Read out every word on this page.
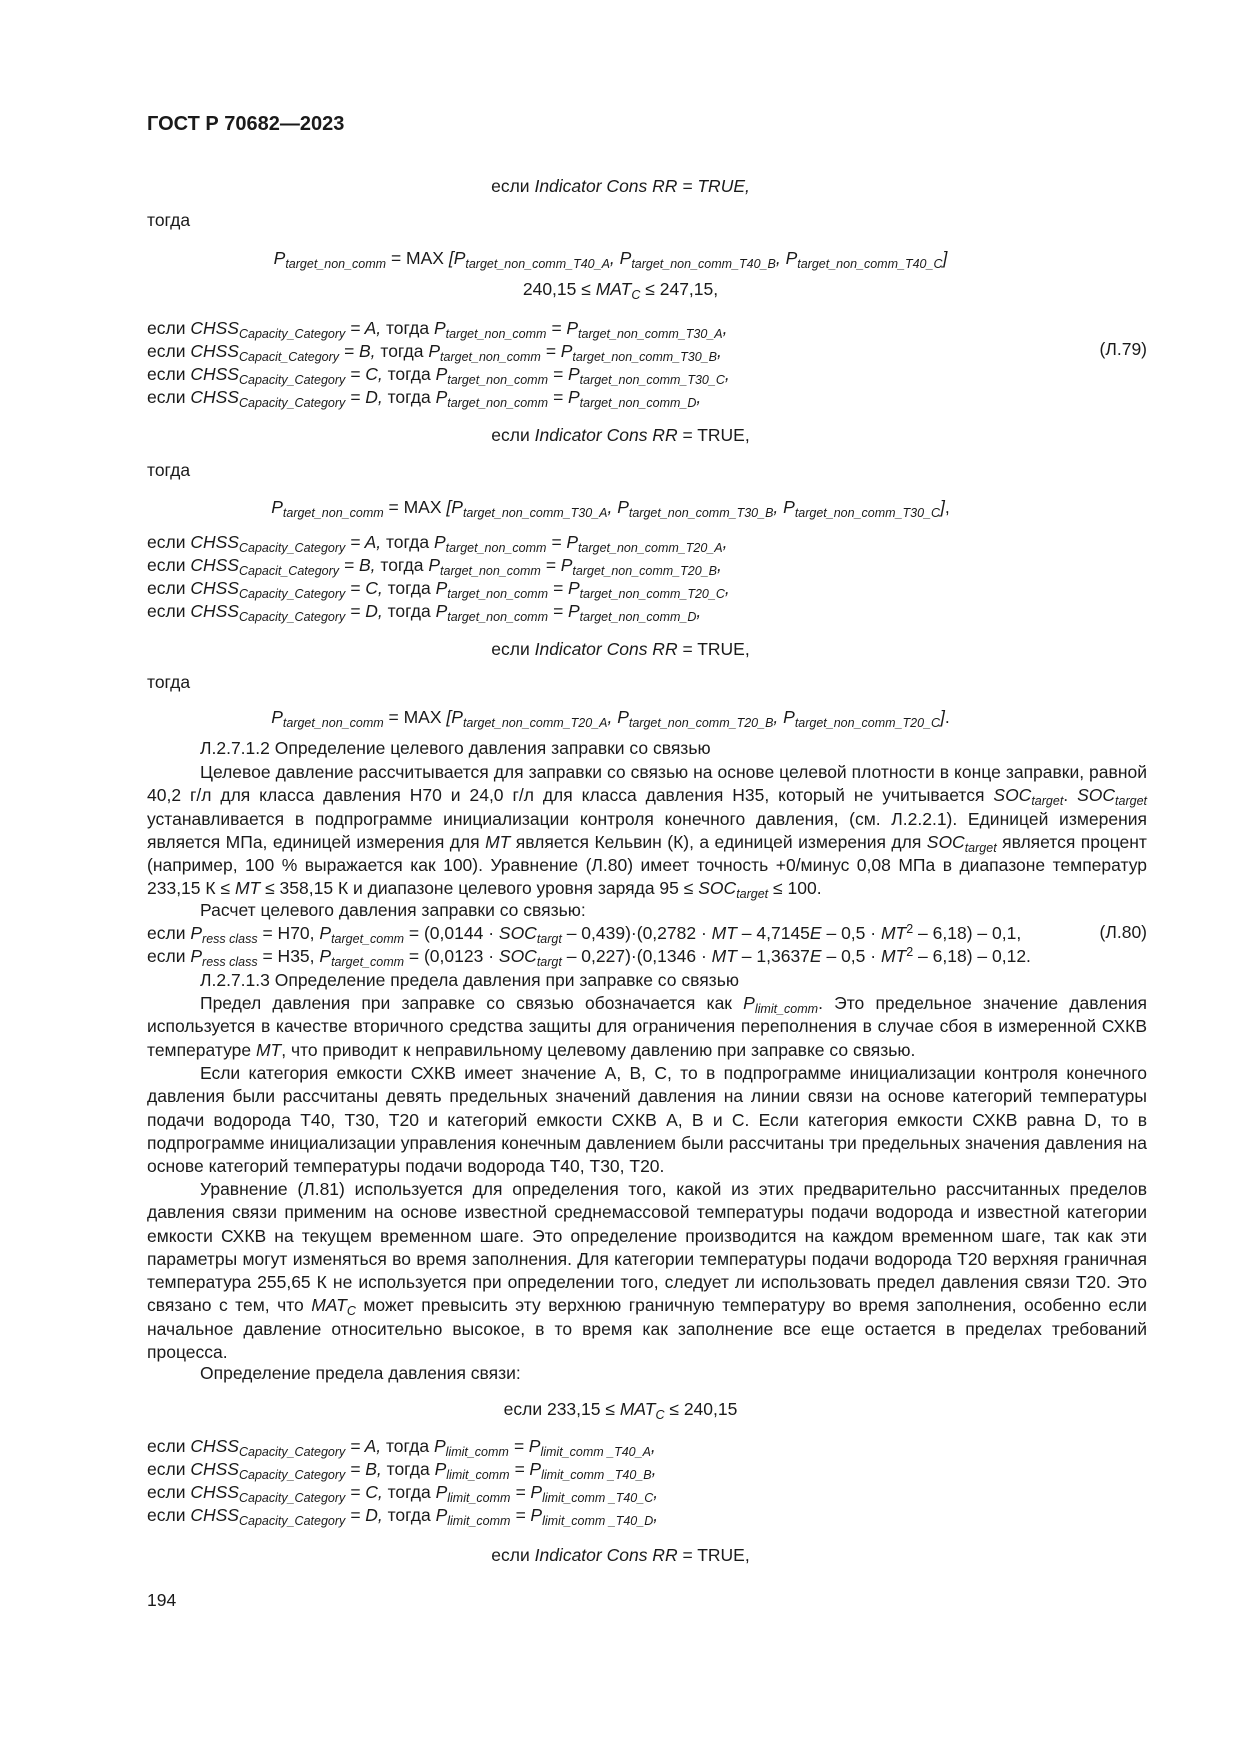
ГОСТ Р 70682—2023
если Indicator Cons RR = TRUE,
тогда
$P_{target\_non\_comm}$ = MAX [$P_{target\_non\_comm\_T40\_A}$, $P_{target\_non\_comm\_T40\_B}$, $P_{target\_non\_comm\_T40\_C}$]
$240,15 \le MAT_C \le 247,15$,
если $CHSS_{Capacity\_Category} = A$, тогда $P_{target\_non\_comm} = P_{target\_non\_comm\_T30\_A}$,
если $CHSS_{Capacit\_Category} = B$, тогда $P_{target\_non\_comm} = P_{target\_non\_comm\_T30\_B}$,	(Л.79)
если $CHSS_{Capacity\_Category} = C$, тогда $P_{target\_non\_comm} = P_{target\_non\_comm\_T30\_C}$,
если $CHSS_{Capacity\_Category} = D$, тогда $P_{target\_non\_comm} = P_{target\_non\_comm\_D}$,
если Indicator Cons RR = TRUE,
тогда
$P_{target\_non\_comm}$ = MAX [$P_{target\_non\_comm\_T30\_A}$, $P_{target\_non\_comm\_T30\_B}$, $P_{target\_non\_comm\_T30\_C}$],
если $CHSS_{Capacity\_Category} = A$, тогда $P_{target\_non\_comm} = P_{target\_non\_comm\_T20\_A}$,
если $CHSS_{Capacit\_Category} = B$, тогда $P_{target\_non\_comm} = P_{target\_non\_comm\_T20\_B}$,
если $CHSS_{Capacity\_Category} = C$, тогда $P_{target\_non\_comm} = P_{target\_non\_comm\_T20\_C}$,
если $CHSS_{Capacity\_Category} = D$, тогда $P_{target\_non\_comm} = P_{target\_non\_comm\_D}$,
если Indicator Cons RR = TRUE,
тогда
$P_{target\_non\_comm}$ = MAX [$P_{target\_non\_comm\_T20\_A}$, $P_{target\_non\_comm\_T20\_B}$, $P_{target\_non\_comm\_T20\_C}$].
Л.2.7.1.2 Определение целевого давления заправки со связью
Целевое давление рассчитывается для заправки со связью на основе целевой плотности в конце заправки, равной 40,2 г/л для класса давления Н70 и 24,0 г/л для класса давления Н35, который не учитывается $SOC_{target}$. $SOC_{target}$ устанавливается в подпрограмме инициализации контроля конечного давления, (см. Л.2.2.1). Единицей измерения является МПа, единицей измерения для MT является Кельвин (К), а единицей измерения для $SOC_{target}$ является процент (например, 100 % выражается как 100). Уравнение (Л.80) имеет точность +0/минус 0,08 МПа в диапазоне температур 233,15 К ≤ MT ≤ 358,15 К и диапазоне целевого уровня заряда $95 \le SOC_{target} \le 100$.
Расчет целевого давления заправки со связью:
если $P_{ress class} = Н70$, $P_{target\_comm} = (0,0144 \cdot SOC_{targt} - 0,439)\cdot(0,2782$ · MT – $4,7145E - 0,5 \cdot MT^2 - 6,18) - 0,1$,	(Л.80)
если $P_{ress class} = Н35$, $P_{target\_comm} = (0,0123 \cdot SOC_{targt} - 0,227)\cdot(0,1346$ · MT – $1,3637E - 0,5 \cdot MT^2 - 6,18) - 0,12$.
Л.2.7.1.3 Определение предела давления при заправке со связью
Предел давления при заправке со связью обозначается как $P_{limit\_comm}$. Это предельное значение давления используется в качестве вторичного средства защиты для ограничения переполнения в случае сбоя в измеренной СХКВ температуре MT, что приводит к неправильному целевому давлению при заправке со связью.
Если категория емкости СХКВ имеет значение А, В, С, то в подпрограмме инициализации контроля конечного давления были рассчитаны девять предельных значений давления на линии связи на основе категорий температуры подачи водорода Т40, Т30, Т20 и категорий емкости СХКВ А, В и С. Если категория емкости СХКВ равна D, то в подпрограмме инициализации управления конечным давлением были рассчитаны три предельных значения давления на основе категорий температуры подачи водорода Т40, Т30, Т20.
Уравнение (Л.81) используется для определения того, какой из этих предварительно рассчитанных пределов давления связи применим на основе известной среднемассовой температуры подачи водорода и известной категории емкости СХКВ на текущем временном шаге. Это определение производится на каждом временном шаге, так как эти параметры могут изменяться во время заполнения. Для категории температуры подачи водорода Т20 верхняя граничная температура 255,65 К не используется при определении того, следует ли использовать предел давления связи Т20. Это связано с тем, что $MAT_C$ может превысить эту верхнюю граничную температуру во время заполнения, особенно если начальное давление относительно высокое, в то время как заполнение все еще остается в пределах требований процесса.
Определение предела давления связи:
если $233,15 \le MAT_C \le 240,15$
если $CHSS_{Capacity\_Category} = A$, тогда $P_{limit\_comm} = P_{limit\_comm \_T40\_A}$,
если $CHSS_{Capacity\_Category} = B$, тогда $P_{limit\_comm} = P_{limit\_comm \_T40\_B}$,
если $CHSS_{Capacity\_Category} = C$, тогда $P_{limit\_comm} = P_{limit\_comm \_T40\_C}$,
если $CHSS_{Capacity\_Category} = D$, тогда $P_{limit\_comm} = P_{limit\_comm \_T40\_D}$,
если Indicator Cons RR = TRUE,
194
